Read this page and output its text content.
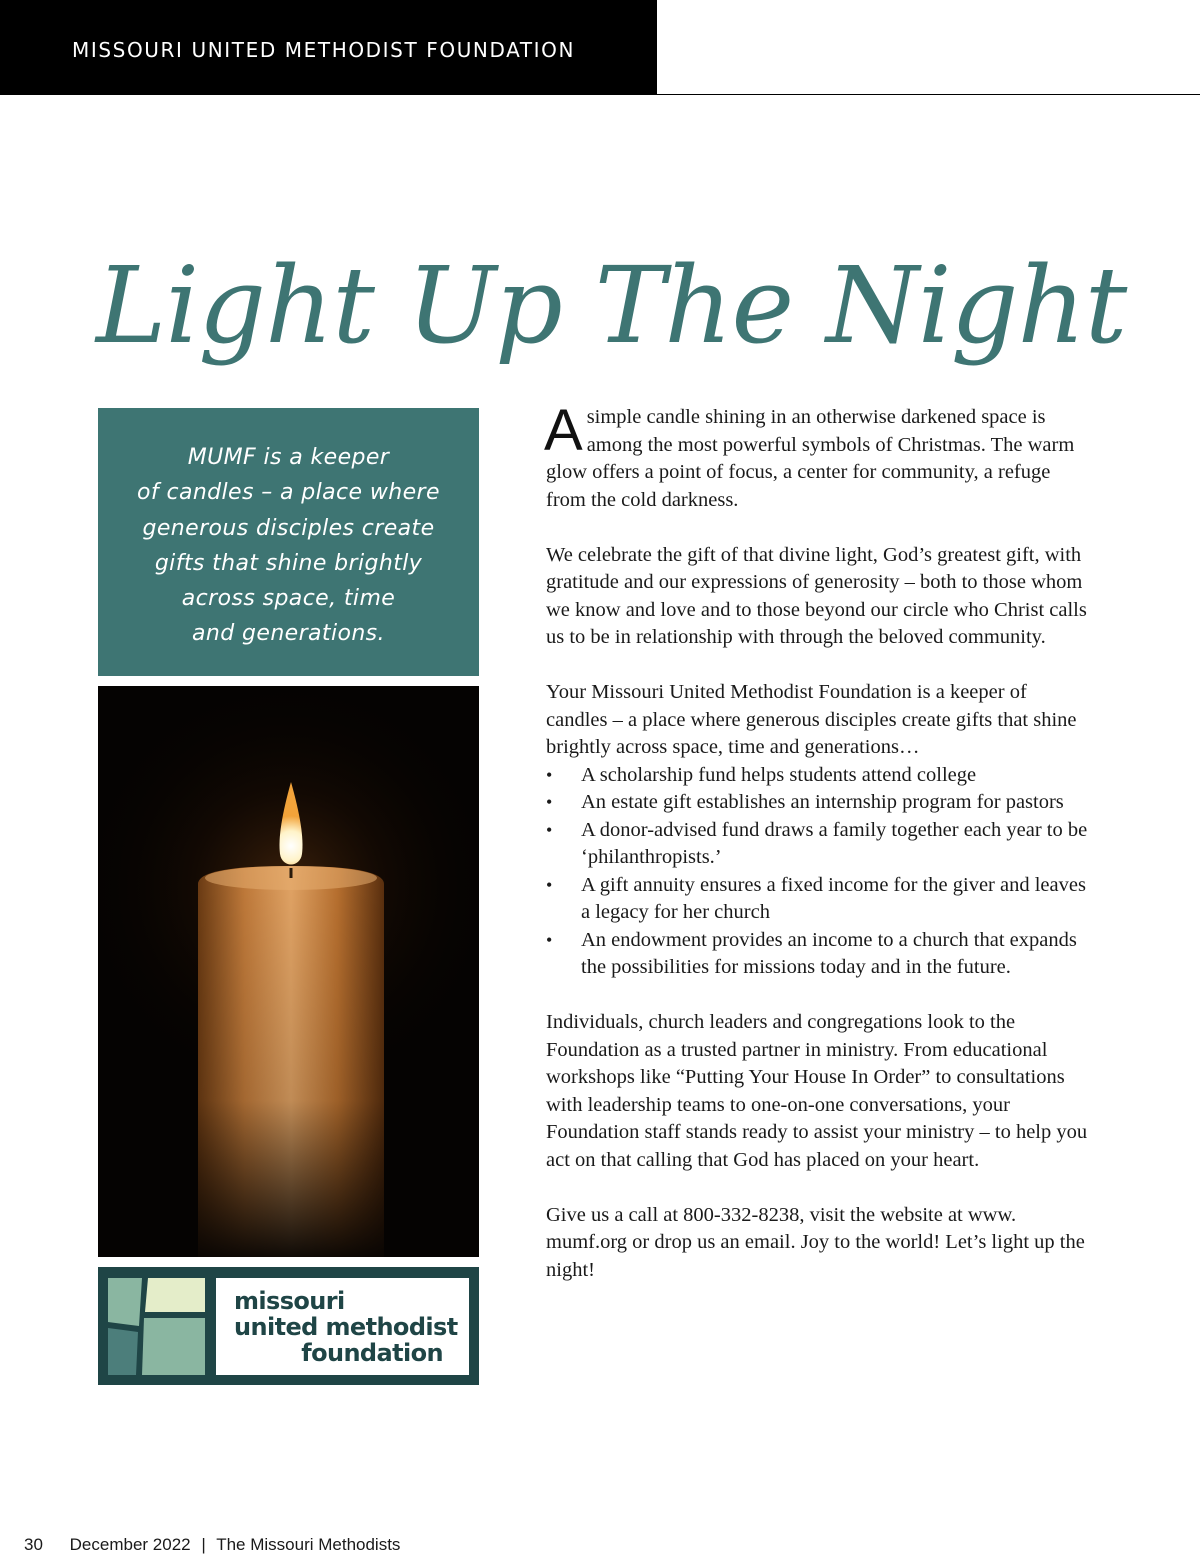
MISSOURI UNITED METHODIST FOUNDATION
Light Up The Night
MUMF is a keeper
of candles – a place where
generous disciples create
gifts that shine brightly
across space, time
and generations.
missouri
united methodist
foundation

A simple candle shining in an otherwise darkened space is among the most powerful symbols of Christmas. The warm glow offers a point of focus, a center for community, a refuge from the cold darkness.

We celebrate the gift of that divine light, God’s greatest gift, with gratitude and our expressions of generosity – both to those whom we know and love and to those beyond our circle who Christ calls us to be in relationship with through the beloved community.

Your Missouri United Methodist Foundation is a keeper of candles – a place where generous disciples create gifts that shine brightly across space, time and generations…

• A scholarship fund helps students attend college
• An estate gift establishes an internship program for pastors
• A donor-advised fund draws a family together each year to be ‘philanthropists.’
• A gift annuity ensures a fixed income for the giver and leaves a legacy for her church
• An endowment provides an income to a church that expands the possibilities for missions today and in the future.

Individuals, church leaders and congregations look to the Foundation as a trusted partner in ministry. From educational workshops like “Putting Your House In Order” to consultations with leadership teams to one-on-one conversations, your Foundation staff stands ready to assist your ministry – to help you act on that calling that God has placed on your heart.

Give us a call at 800-332-8238, visit the website at www. mumf.org or drop us an email. Joy to the world! Let’s light up the night!

30 December 2022 | The Missouri Methodists
